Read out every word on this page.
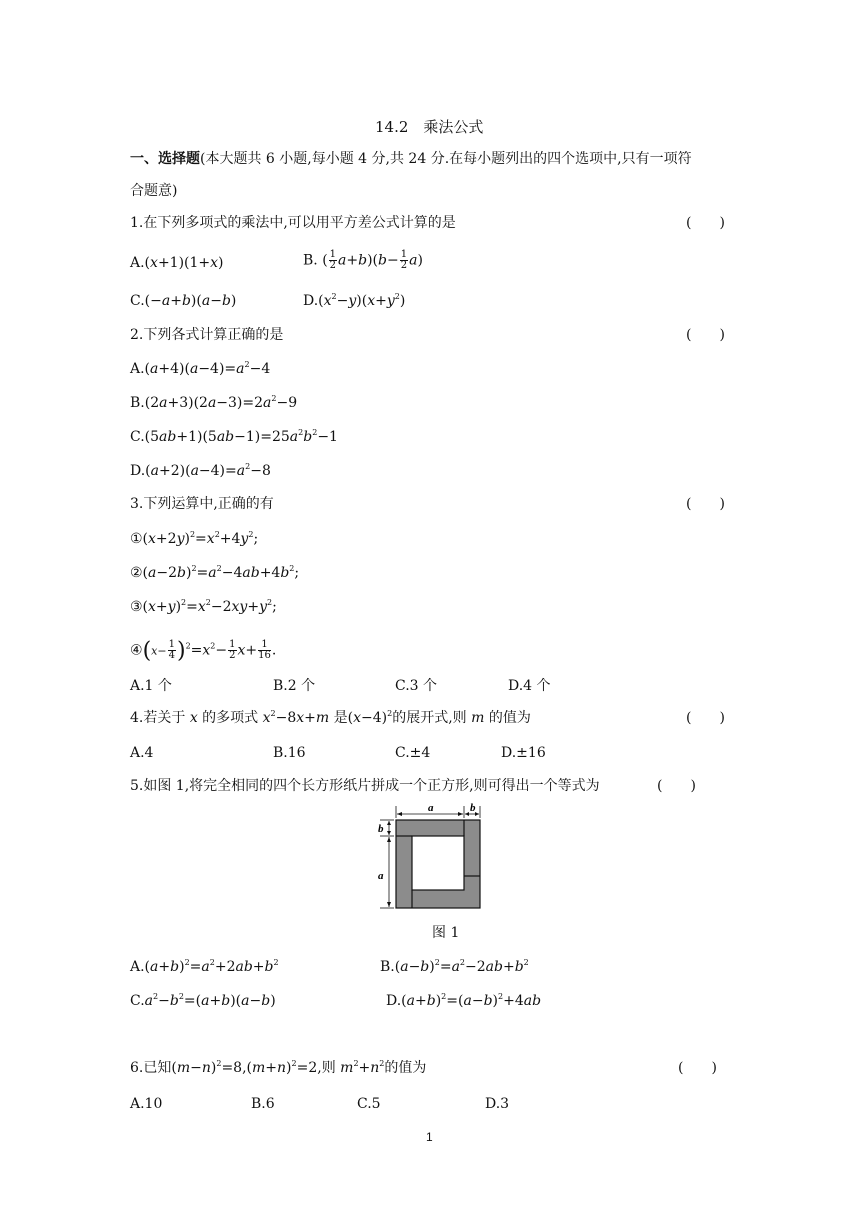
14.2　乘法公式
一、选择题(本大题共 6 小题,每小题 4 分,共 24 分.在每小题列出的四个选项中,只有一项符
合题意)
1.在下列多项式的乘法中,可以用平方差公式计算的是	(　　)
A.(x+1)(1+x)	B. ( $\frac{1}{2} a+b)(b- \frac{1}{2} a)$
C.(−a+b)(a−b)	$D.(x^2-y)(x+y^2)$
2.下列各式计算正确的是	(　　)
$A.(a+4)(a-4)=a^2-4$
$B.(2a+3)(2a-3)=2a^2-9$
$C.(5ab+1)(5ab-1)=25a^2b^2-1$
$D.(a+2)(a-4)=a^2-8$
3.下列运算中,正确的有	(　　)
$①(x+2y)^2=x^2+4y^2$;
$②(a-2b)^2=a^2-4ab+4b^2$;
$③(x+y)^2=x^2-2xy+y^2$;
④(x− $\frac{1}{4} )^2=x^2- \frac{1}{2} x+ \frac{1}{16}$ .
A.1 个	B.2 个	C.3 个	D.4 个
4.若关于 x 的多项式 $x^2-8x+m$ 是$(x-4)^2$的展开式,则 m 的值为	(　　)
A.4	B.16	C.±4	D.±16
5.如图 1,将完全相同的四个长方形纸片拼成一个正方形,则可得出一个等式为	(　　)
a	b
b
a
图 1
$A.(a+b)^2=a^2+2ab+b^2$	$B.(a-b)^2=a^2-2ab+b^2$
$C.a^2-b^2=(a+b)(a-b)$	$D.(a+b)^2=(a-b)^2+4ab$
6.已知$(m-n)^2=8,(m+n)^2=2$,则 $m^2+n^2$的值为	(　　)
A.10	B.6	C.5	D.3
1
